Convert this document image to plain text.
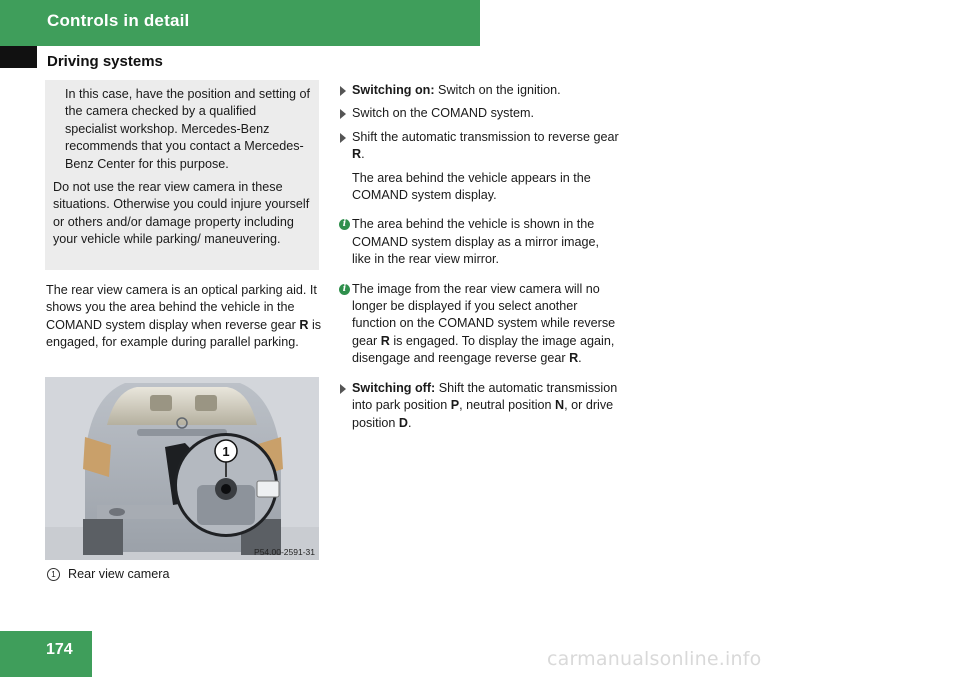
Controls in detail
Driving systems

In this case, have the position and setting of the camera checked by a qualified specialist workshop. Mercedes-Benz recommends that you contact a Mercedes-Benz Center for this purpose.

Do not use the rear view camera in these situations. Otherwise you could injure yourself or others and/or damage property including your vehicle while parking/ maneuvering.

The rear view camera is an optical parking aid. It shows you the area behind the vehicle in the COMAND system display when reverse gear R is engaged, for example during parallel parking.

1
P54.00-2591-31
1 Rear view camera

Switching on: Switch on the ignition.

Switch on the COMAND system.

Shift the automatic transmission to reverse gear R.

The area behind the vehicle appears in the COMAND system display.

i The area behind the vehicle is shown in the COMAND system display as a mirror image, like in the rear view mirror.

i The image from the rear view camera will no longer be displayed if you select another function on the COMAND system while reverse gear R is engaged. To display the image again, disengage and reengage reverse gear R.

Switching off: Shift the automatic transmission into park position P, neutral position N, or drive position D.

174	carmanualsonline.info
